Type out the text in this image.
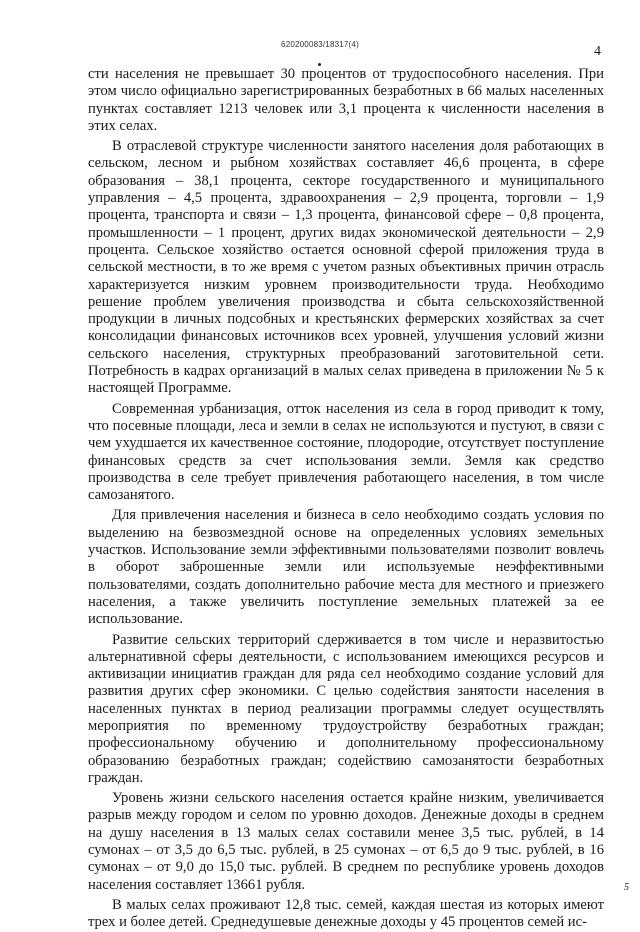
620200083/18317(4)	4

сти населения не превышает 30 процентов от трудоспособного населения. При этом число официально зарегистрированных безработных в 66 малых населенных пунктах составляет 1213 человек или 3,1 процента к численности населения в этих селах.

В отраслевой структуре численности занятого населения доля работающих в сельском, лесном и рыбном хозяйствах составляет 46,6 процента, в сфере образования – 38,1 процента, секторе государственного и муниципального управления – 4,5 процента, здравоохранения – 2,9 процента, торговли – 1,9 процента, транспорта и связи – 1,3 процента, финансовой сфере – 0,8 процента, промышленности – 1 процент, других видах экономической деятельности – 2,9 процента. Сельское хозяйство остается основной сферой приложения труда в сельской местности, в то же время с учетом разных объективных причин отрасль характеризуется низким уровнем производительности труда. Необходимо решение проблем увеличения производства и сбыта сельскохозяйственной продукции в личных подсобных и крестьянских фермерских хозяйствах за счет консолидации финансовых источников всех уровней, улучшения условий жизни сельского населения, структурных преобразований заготовительной сети. Потребность в кадрах организаций в малых селах приведена в приложении № 5 к настоящей Программе.

Современная урбанизация, отток населения из села в город приводит к тому, что посевные площади, леса и земли в селах не используются и пустуют, в связи с чем ухудшается их качественное состояние, плодородие, отсутствует поступление финансовых средств за счет использования земли. Земля как средство производства в селе требует привлечения работающего населения, в том числе самозанятого.

Для привлечения населения и бизнеса в село необходимо создать условия по выделению на безвозмездной основе на определенных условиях земельных участков. Использование земли эффективными пользователями позволит вовлечь в оборот заброшенные земли или используемые неэффективными пользователями, создать дополнительно рабочие места для местного и приезжего населения, а также увеличить поступление земельных платежей за ее использование.

Развитие сельских территорий сдерживается в том числе и неразвитостью альтернативной сферы деятельности, с использованием имеющихся ресурсов и активизации инициатив граждан для ряда сел необходимо создание условий для развития других сфер экономики. С целью содействия занятости населения в населенных пунктах в период реализации программы следует осуществлять мероприятия по временному трудоустройству безработных граждан; профессиональному обучению и дополнительному профессиональному образованию безработных граждан; содействию самозанятости безработных граждан.

Уровень жизни сельского населения остается крайне низким, увеличивается разрыв между городом и селом по уровню доходов. Денежные доходы в среднем на душу населения в 13 малых селах составили менее 3,5 тыс. рублей, в 14 сумонах – от 3,5 до 6,5 тыс. рублей, в 25 сумонах – от 6,5 до 9 тыс. рублей, в 16 сумонах – от 9,0 до 15,0 тыс. рублей. В среднем по республике уровень доходов населения составляет 13661 рубля.

В малых селах проживают 12,8 тыс. семей, каждая шестая из которых имеют трех и более детей. Среднедушевые денежные доходы у 45 процентов семей ис-

5
